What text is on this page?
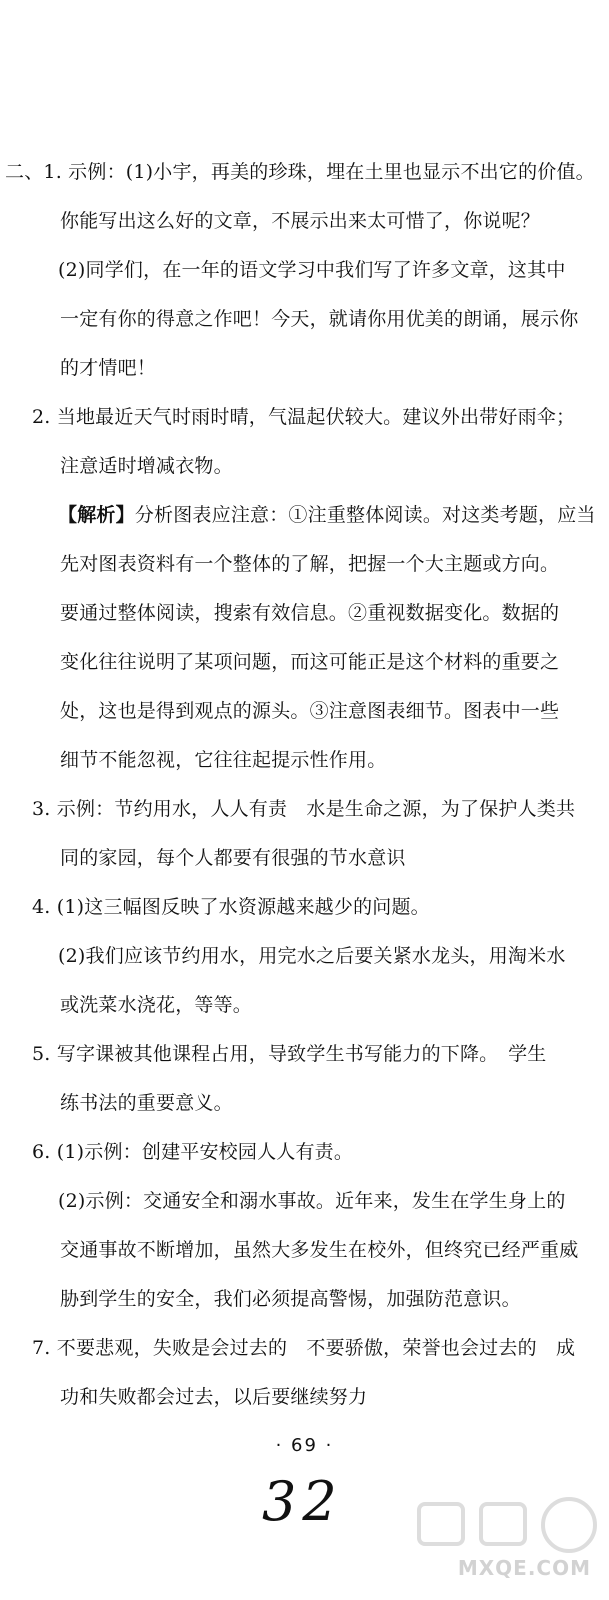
二、1. 示例：(1)小宇，再美的珍珠，埋在土里也显示不出它的价值。
你能写出这么好的文章，不展示出来太可惜了，你说呢？
(2)同学们，在一年的语文学习中我们写了许多文章，这其中
一定有你的得意之作吧！今天，就请你用优美的朗诵，展示你
的才情吧！
2. 当地最近天气时雨时晴，气温起伏较大。建议外出带好雨伞；
注意适时增减衣物。
【解析】分析图表应注意：①注重整体阅读。对这类考题，应当
先对图表资料有一个整体的了解，把握一个大主题或方向。
要通过整体阅读，搜索有效信息。②重视数据变化。数据的
变化往往说明了某项问题，而这可能正是这个材料的重要之
处，这也是得到观点的源头。③注意图表细节。图表中一些
细节不能忽视，它往往起提示性作用。
3. 示例：节约用水，人人有责　水是生命之源，为了保护人类共
同的家园，每个人都要有很强的节水意识
4. (1)这三幅图反映了水资源越来越少的问题。
(2)我们应该节约用水，用完水之后要关紧水龙头，用淘米水
或洗菜水浇花，等等。
5. 写字课被其他课程占用，导致学生书写能力的下降。　学生
练书法的重要意义。
6. (1)示例：创建平安校园人人有责。
(2)示例：交通安全和溺水事故。近年来，发生在学生身上的
交通事故不断增加，虽然大多发生在校外，但终究已经严重威
胁到学生的安全，我们必须提高警惕，加强防范意识。
7. 不要悲观，失败是会过去的　不要骄傲，荣誉也会过去的　成
功和失败都会过去，以后要继续努力
· 69 ·
32
MXQE.COM
